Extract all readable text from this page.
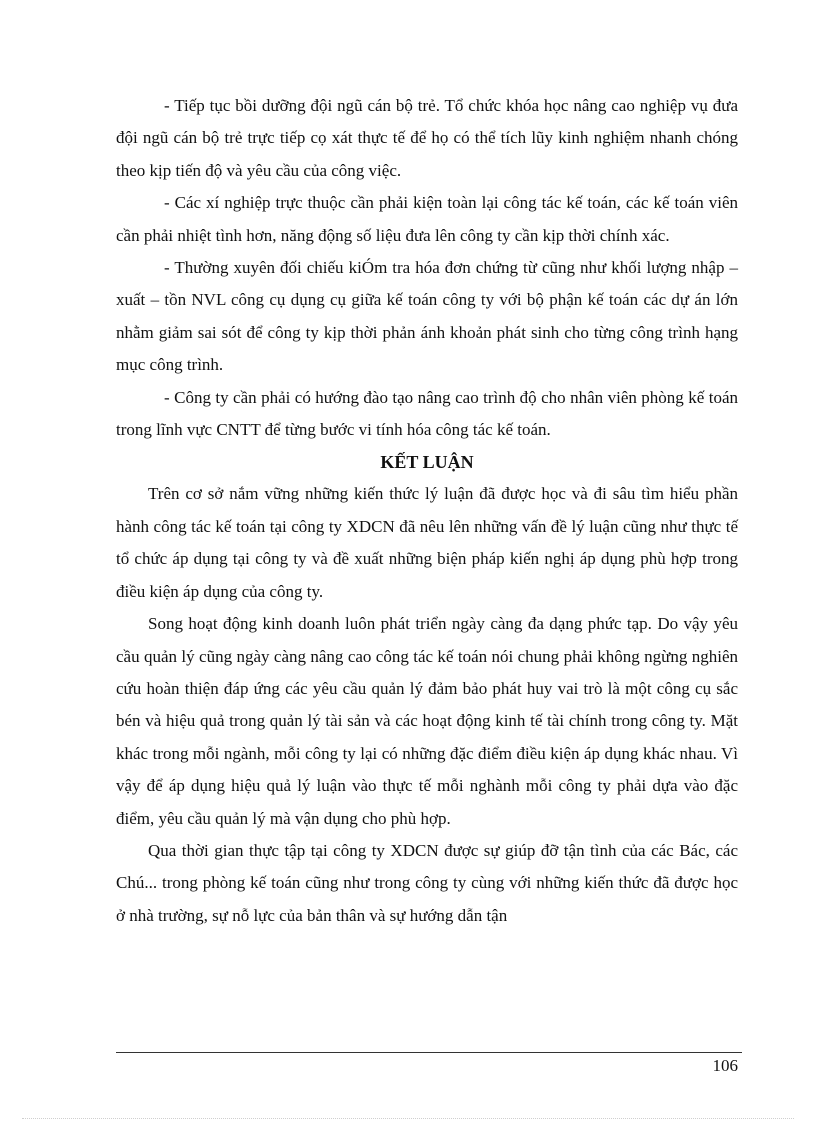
- Tiếp tục bồi dưỡng đội ngũ cán bộ trẻ. Tổ chức khóa học nâng cao nghiệp vụ đưa đội ngũ cán bộ trẻ trực tiếp cọ xát thực tế để họ có thể tích lũy kinh nghiệm nhanh chóng theo kịp tiến độ và yêu cầu của công việc.

- Các xí nghiệp trực thuộc cần phải kiện toàn lại công tác kế toán, các kế toán viên cần phải nhiệt tình hơn, năng động số liệu đưa lên công ty cần kịp thời chính xác.

- Thường xuyên đối chiếu kiÓm tra hóa đơn chứng từ cũng như khối lượng nhập – xuất – tồn NVL công cụ dụng cụ giữa kế toán công ty với bộ phận kế toán các dự án lớn nhằm giảm sai sót để công ty kịp thời phản ánh khoản phát sinh cho từng công trình hạng mục công trình.

- Công ty cần phải có hướng đào tạo nâng cao trình độ cho nhân viên phòng kế toán trong lĩnh vực CNTT để từng bước vi tính hóa công tác kế toán.

KẾT LUẬN

Trên cơ sở nắm vững những kiến thức lý luận đã được học và đi sâu tìm hiểu phần hành công tác kế toán tại công ty XDCN đã nêu lên những vấn đề lý luận cũng như thực tế tổ chức áp dụng tại công ty và đề xuất những biện pháp kiến nghị áp dụng phù hợp trong điều kiện áp dụng của công ty.

Song hoạt động kinh doanh luôn phát triển ngày càng đa dạng phức tạp. Do vậy yêu cầu quản lý cũng ngày càng nâng cao công tác kế toán nói chung phải không ngừng nghiên cứu hoàn thiện đáp ứng các yêu cầu quản lý đảm bảo phát huy vai trò là một công cụ sắc bén và hiệu quả trong quản lý tài sản và các hoạt động kinh tế tài chính trong công ty. Mặt khác trong mỗi ngành, mỗi công ty lại có những đặc điểm điều kiện áp dụng khác nhau. Vì vậy để áp dụng hiệu quả lý luận vào thực tế mỗi nghành mỗi công ty phải dựa vào đặc điểm, yêu cầu quản lý mà vận dụng cho phù hợp.

Qua thời gian thực tập tại công ty XDCN được sự giúp đỡ tận tình của các Bác, các Chú... trong phòng kế toán cũng như trong công ty cùng với những kiến thức đã được học ở nhà trường, sự nỗ lực của bản thân và sự hướng dẫn tận

106
